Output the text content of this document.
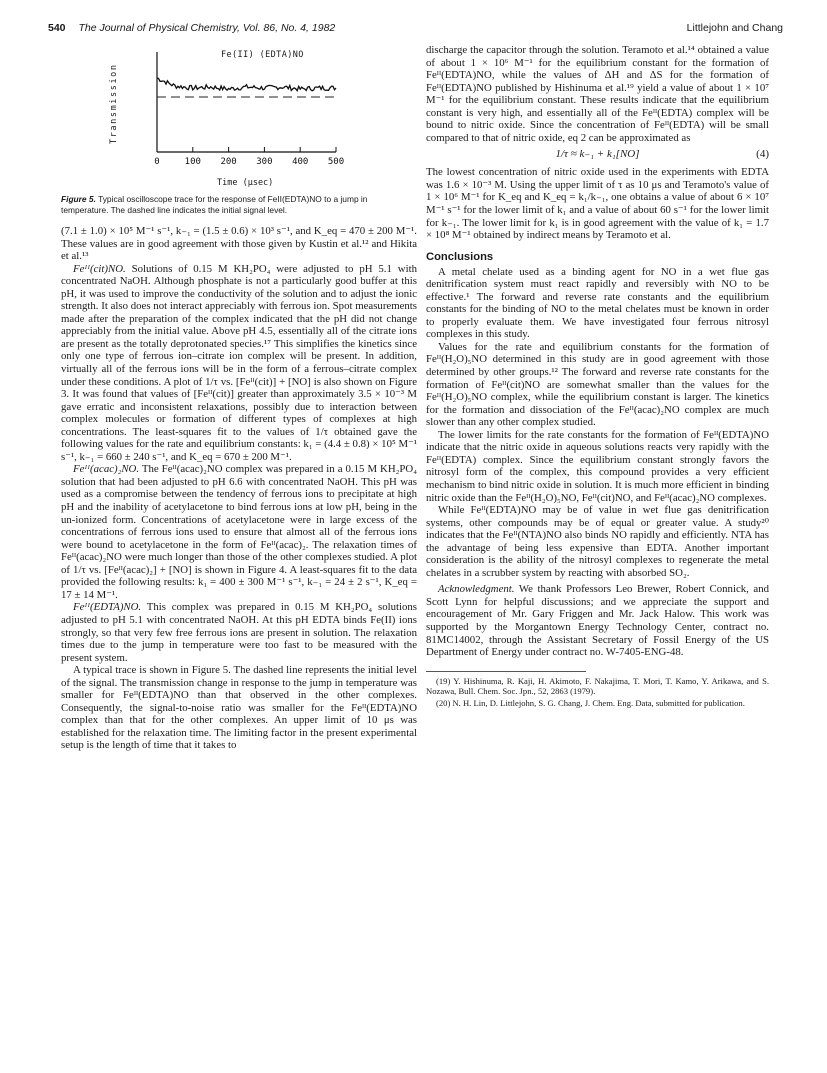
540 The Journal of Physical Chemistry, Vol. 86, No. 4, 1982	Littlejohn and Chang
Fe(II) (EDTA)NO
Transmission
0	100 200 300 400 500
Time (μsec)
Figure 5. Typical oscilloscope trace for the response of FeII(EDTA)NO to a jump in temperature. The dashed line indicates the initial signal level.

(7.1 ± 1.0) × 10⁵ M⁻¹ s⁻¹, k₋₁ = (1.5 ± 0.6) × 10³ s⁻¹, and K_eq = 470 ± 200 M⁻¹. These values are in good agreement with those given by Kustin et al.¹² and Hikita et al.¹³

Feᴵᴵ(cit)NO. Solutions of 0.15 M KH₂PO₄ were adjusted to pH 5.1 with concentrated NaOH. Although phosphate is not a particularly good buffer at this pH, it was used to improve the conductivity of the solution and to adjust the ionic strength. It also does not interact appreciably with ferrous ion. Spot measurements made after the preparation of the complex indicated that the pH did not change appreciably from the initial value. Above pH 4.5, essentially all of the citrate ions are present as the totally deprotonated species.¹⁷ This simplifies the kinetics since only one type of ferrous ion–citrate ion complex will be present. In addition, virtually all of the ferrous ions will be in the form of a ferrous–citrate complex under these conditions. A plot of 1/τ vs. [Feᴵᴵ(cit)] + [NO] is also shown on Figure 3. It was found that values of [Feᴵᴵ(cit)] greater than approximately 3.5 × 10⁻³ M gave erratic and inconsistent relaxations, possibly due to interaction between complex molecules or formation of different types of complexes at high concentrations. The least-squares fit to the values of 1/τ obtained gave the following values for the rate and equilibrium constants: k₁ = (4.4 ± 0.8) × 10⁵ M⁻¹ s⁻¹, k₋₁ = 660 ± 240 s⁻¹, and K_eq = 670 ± 200 M⁻¹.

Feᴵᴵ(acac)₂NO. The Feᴵᴵ(acac)₂NO complex was prepared in a 0.15 M KH₂PO₄ solution that had been adjusted to pH 6.6 with concentrated NaOH. This pH was used as a compromise between the tendency of ferrous ions to precipitate at high pH and the inability of acetylacetone to bind ferrous ions at low pH, being in the un-ionized form. Concentrations of acetylacetone were in large excess of the concentrations of ferrous ions used to ensure that almost all of the ferrous ions were bound to acetylacetone in the form of Feᴵᴵ(acac)₂. The relaxation times of Feᴵᴵ(acac)₂NO were much longer than those of the other complexes studied. A plot of 1/τ vs. [Feᴵᴵ(acac)₂] + [NO] is shown in Figure 4. A least-squares fit to the data provided the following results: k₁ = 400 ± 300 M⁻¹ s⁻¹, k₋₁ = 24 ± 2 s⁻¹, K_eq = 17 ± 14 M⁻¹.

Feᴵᴵ(EDTA)NO. This complex was prepared in 0.15 M KH₂PO₄ solutions adjusted to pH 5.1 with concentrated NaOH. At this pH EDTA binds Fe(II) ions strongly, so that very few free ferrous ions are present in solution. The relaxation times due to the jump in temperature were too fast to be measured with the present system.

A typical trace is shown in Figure 5. The dashed line represents the initial level of the signal. The transmission change in response to the jump in temperature was smaller for Feᴵᴵ(EDTA)NO than that observed in the other complexes. Consequently, the signal-to-noise ratio was smaller for the Feᴵᴵ(EDTA)NO complex than that for the other complexes. An upper limit of 10 μs was established for the relaxation time. The limiting factor in the present experimental setup is the length of time that it takes to

discharge the capacitor through the solution. Teramoto et al.¹⁴ obtained a value of about 1 × 10⁶ M⁻¹ for the equilibrium constant for the formation of Feᴵᴵ(EDTA)NO, while the values of ΔH and ΔS for the formation of Feᴵᴵ(EDTA)NO published by Hishinuma et al.¹⁹ yield a value of about 1 × 10⁷ M⁻¹ for the equilibrium constant. These results indicate that the equilibrium constant is very high, and essentially all of the Feᴵᴵ(EDTA) complex will be bound to nitric oxide. Since the concentration of Feᴵᴵ(EDTA) will be small compared to that of nitric oxide, eq 2 can be approximated as

1/τ ≈ k₋₁ + k₁[NO]	(4)

The lowest concentration of nitric oxide used in the experiments with EDTA was 1.6 × 10⁻³ M. Using the upper limit of τ as 10 μs and Teramoto's value of 1 × 10⁶ M⁻¹ for K_eq and K_eq = k₁/k₋₁, one obtains a value of about 6 × 10⁷ M⁻¹ s⁻¹ for the lower limit of k₁ and a value of about 60 s⁻¹ for the lower limit for k₋₁. The lower limit for k₁ is in good agreement with the value of k₁ = 1.7 × 10⁸ M⁻¹ obtained by indirect means by Teramoto et al.

Conclusions

A metal chelate used as a binding agent for NO in a wet flue gas denitrification system must react rapidly and reversibly with NO to be effective.¹ The forward and reverse rate constants and the equilibrium constants for the binding of NO to the metal chelates must be known in order to properly evaluate them. We have investigated four ferrous nitrosyl complexes in this study.

Values for the rate and equilibrium constants for the formation of Feᴵᴵ(H₂O)₅NO determined in this study are in good agreement with those determined by other groups.¹² The forward and reverse rate constants for the formation of Feᴵᴵ(cit)NO are somewhat smaller than the values for the Feᴵᴵ(H₂O)₅NO complex, while the equilibrium constant is larger. The kinetics for the formation and dissociation of the Feᴵᴵ(acac)₂NO complex are much slower than any other complex studied.

The lower limits for the rate constants for the formation of Feᴵᴵ(EDTA)NO indicate that the nitric oxide in aqueous solutions reacts very rapidly with the Feᴵᴵ(EDTA) complex. Since the equilibrium constant strongly favors the nitrosyl form of the complex, this compound provides a very efficient mechanism to bind nitric oxide in solution. It is much more efficient in binding nitric oxide than the Feᴵᴵ(H₂O)₅NO, Feᴵᴵ(cit)NO, and Feᴵᴵ(acac)₂NO complexes.

While Feᴵᴵ(EDTA)NO may be of value in wet flue gas denitrification systems, other compounds may be of equal or greater value. A study²⁰ indicates that the Feᴵᴵ(NTA)NO also binds NO rapidly and efficiently. NTA has the advantage of being less expensive than EDTA. Another important consideration is the ability of the nitrosyl complexes to regenerate the metal chelates in a scrubber system by reacting with absorbed SO₂.

Acknowledgment. We thank Professors Leo Brewer, Robert Connick, and Scott Lynn for helpful discussions; and we appreciate the support and encouragement of Mr. Gary Friggen and Mr. Jack Halow. This work was supported by the Morgantown Energy Technology Center, contract no. 81MC14002, through the Assistant Secretary of Fossil Energy of the US Department of Energy under contract no. W-7405-ENG-48.

(19) Y. Hishinuma, R. Kaji, H. Akimoto, F. Nakajima, T. Mori, T. Kamo, Y. Arikawa, and S. Nozawa, Bull. Chem. Soc. Jpn., 52, 2863 (1979).
(20) N. H. Lin, D. Littlejohn, S. G. Chang, J. Chem. Eng. Data, submitted for publication.
